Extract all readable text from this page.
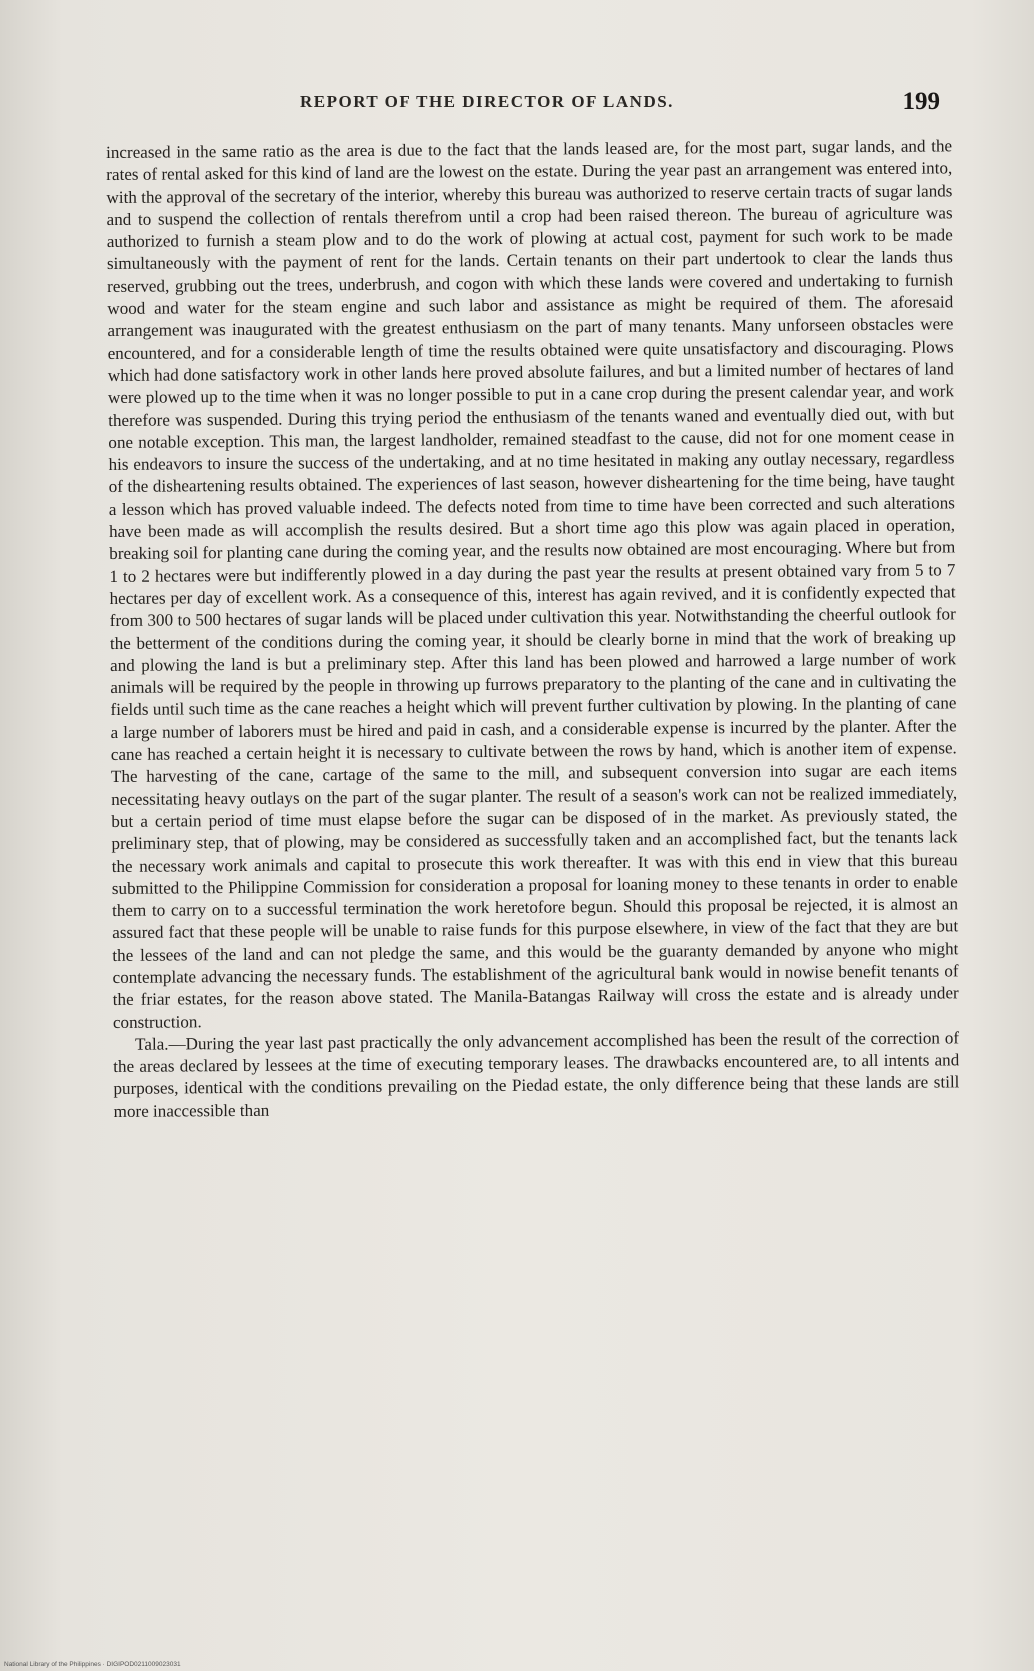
REPORT OF THE DIRECTOR OF LANDS.	199

increased in the same ratio as the area is due to the fact that the lands leased are, for the most part, sugar lands, and the rates of rental asked for this kind of land are the lowest on the estate. During the year past an arrangement was entered into, with the approval of the secretary of the interior, whereby this bureau was authorized to reserve certain tracts of sugar lands and to suspend the collection of rentals therefrom until a crop had been raised thereon. The bureau of agriculture was authorized to furnish a steam plow and to do the work of plowing at actual cost, payment for such work to be made simultaneously with the payment of rent for the lands. Certain tenants on their part undertook to clear the lands thus reserved, grubbing out the trees, underbrush, and cogon with which these lands were covered and undertaking to furnish wood and water for the steam engine and such labor and assistance as might be required of them. The aforesaid arrangement was inaugurated with the greatest enthusiasm on the part of many tenants. Many unforseen obstacles were encountered, and for a considerable length of time the results obtained were quite unsatisfactory and discouraging. Plows which had done satisfactory work in other lands here proved absolute failures, and but a limited number of hectares of land were plowed up to the time when it was no longer possible to put in a cane crop during the present calendar year, and work therefore was suspended. During this trying period the enthusiasm of the tenants waned and eventually died out, with but one notable exception. This man, the largest landholder, remained steadfast to the cause, did not for one moment cease in his endeavors to insure the success of the undertaking, and at no time hesitated in making any outlay necessary, regardless of the disheartening results obtained. The experiences of last season, however disheartening for the time being, have taught a lesson which has proved valuable indeed. The defects noted from time to time have been corrected and such alterations have been made as will accomplish the results desired. But a short time ago this plow was again placed in operation, breaking soil for planting cane during the coming year, and the results now obtained are most encouraging. Where but from 1 to 2 hectares were but indifferently plowed in a day during the past year the results at present obtained vary from 5 to 7 hectares per day of excellent work. As a consequence of this, interest has again revived, and it is confidently expected that from 300 to 500 hectares of sugar lands will be placed under cultivation this year. Notwithstanding the cheerful outlook for the betterment of the conditions during the coming year, it should be clearly borne in mind that the work of breaking up and plowing the land is but a preliminary step. After this land has been plowed and harrowed a large number of work animals will be required by the people in throwing up furrows preparatory to the planting of the cane and in cultivating the fields until such time as the cane reaches a height which will prevent further cultivation by plowing. In the planting of cane a large number of laborers must be hired and paid in cash, and a considerable expense is incurred by the planter. After the cane has reached a certain height it is necessary to cultivate between the rows by hand, which is another item of expense. The harvesting of the cane, cartage of the same to the mill, and subsequent conversion into sugar are each items necessitating heavy outlays on the part of the sugar planter. The result of a season's work can not be realized immediately, but a certain period of time must elapse before the sugar can be disposed of in the market. As previously stated, the preliminary step, that of plowing, may be considered as successfully taken and an accomplished fact, but the tenants lack the necessary work animals and capital to prosecute this work thereafter. It was with this end in view that this bureau submitted to the Philippine Commission for consideration a proposal for loaning money to these tenants in order to enable them to carry on to a successful termination the work heretofore begun. Should this proposal be rejected, it is almost an assured fact that these people will be unable to raise funds for this purpose elsewhere, in view of the fact that they are but the lessees of the land and can not pledge the same, and this would be the guaranty demanded by anyone who might contemplate advancing the necessary funds. The establishment of the agricultural bank would in nowise benefit tenants of the friar estates, for the reason above stated. The Manila-Batangas Railway will cross the estate and is already under construction.

Tala.—During the year last past practically the only advancement accomplished has been the result of the correction of the areas declared by lessees at the time of executing temporary leases. The drawbacks encountered are, to all intents and purposes, identical with the conditions prevailing on the Piedad estate, the only difference being that these lands are still more inaccessible than

National Library of the Philippines · DIGIPOD0211009023031
